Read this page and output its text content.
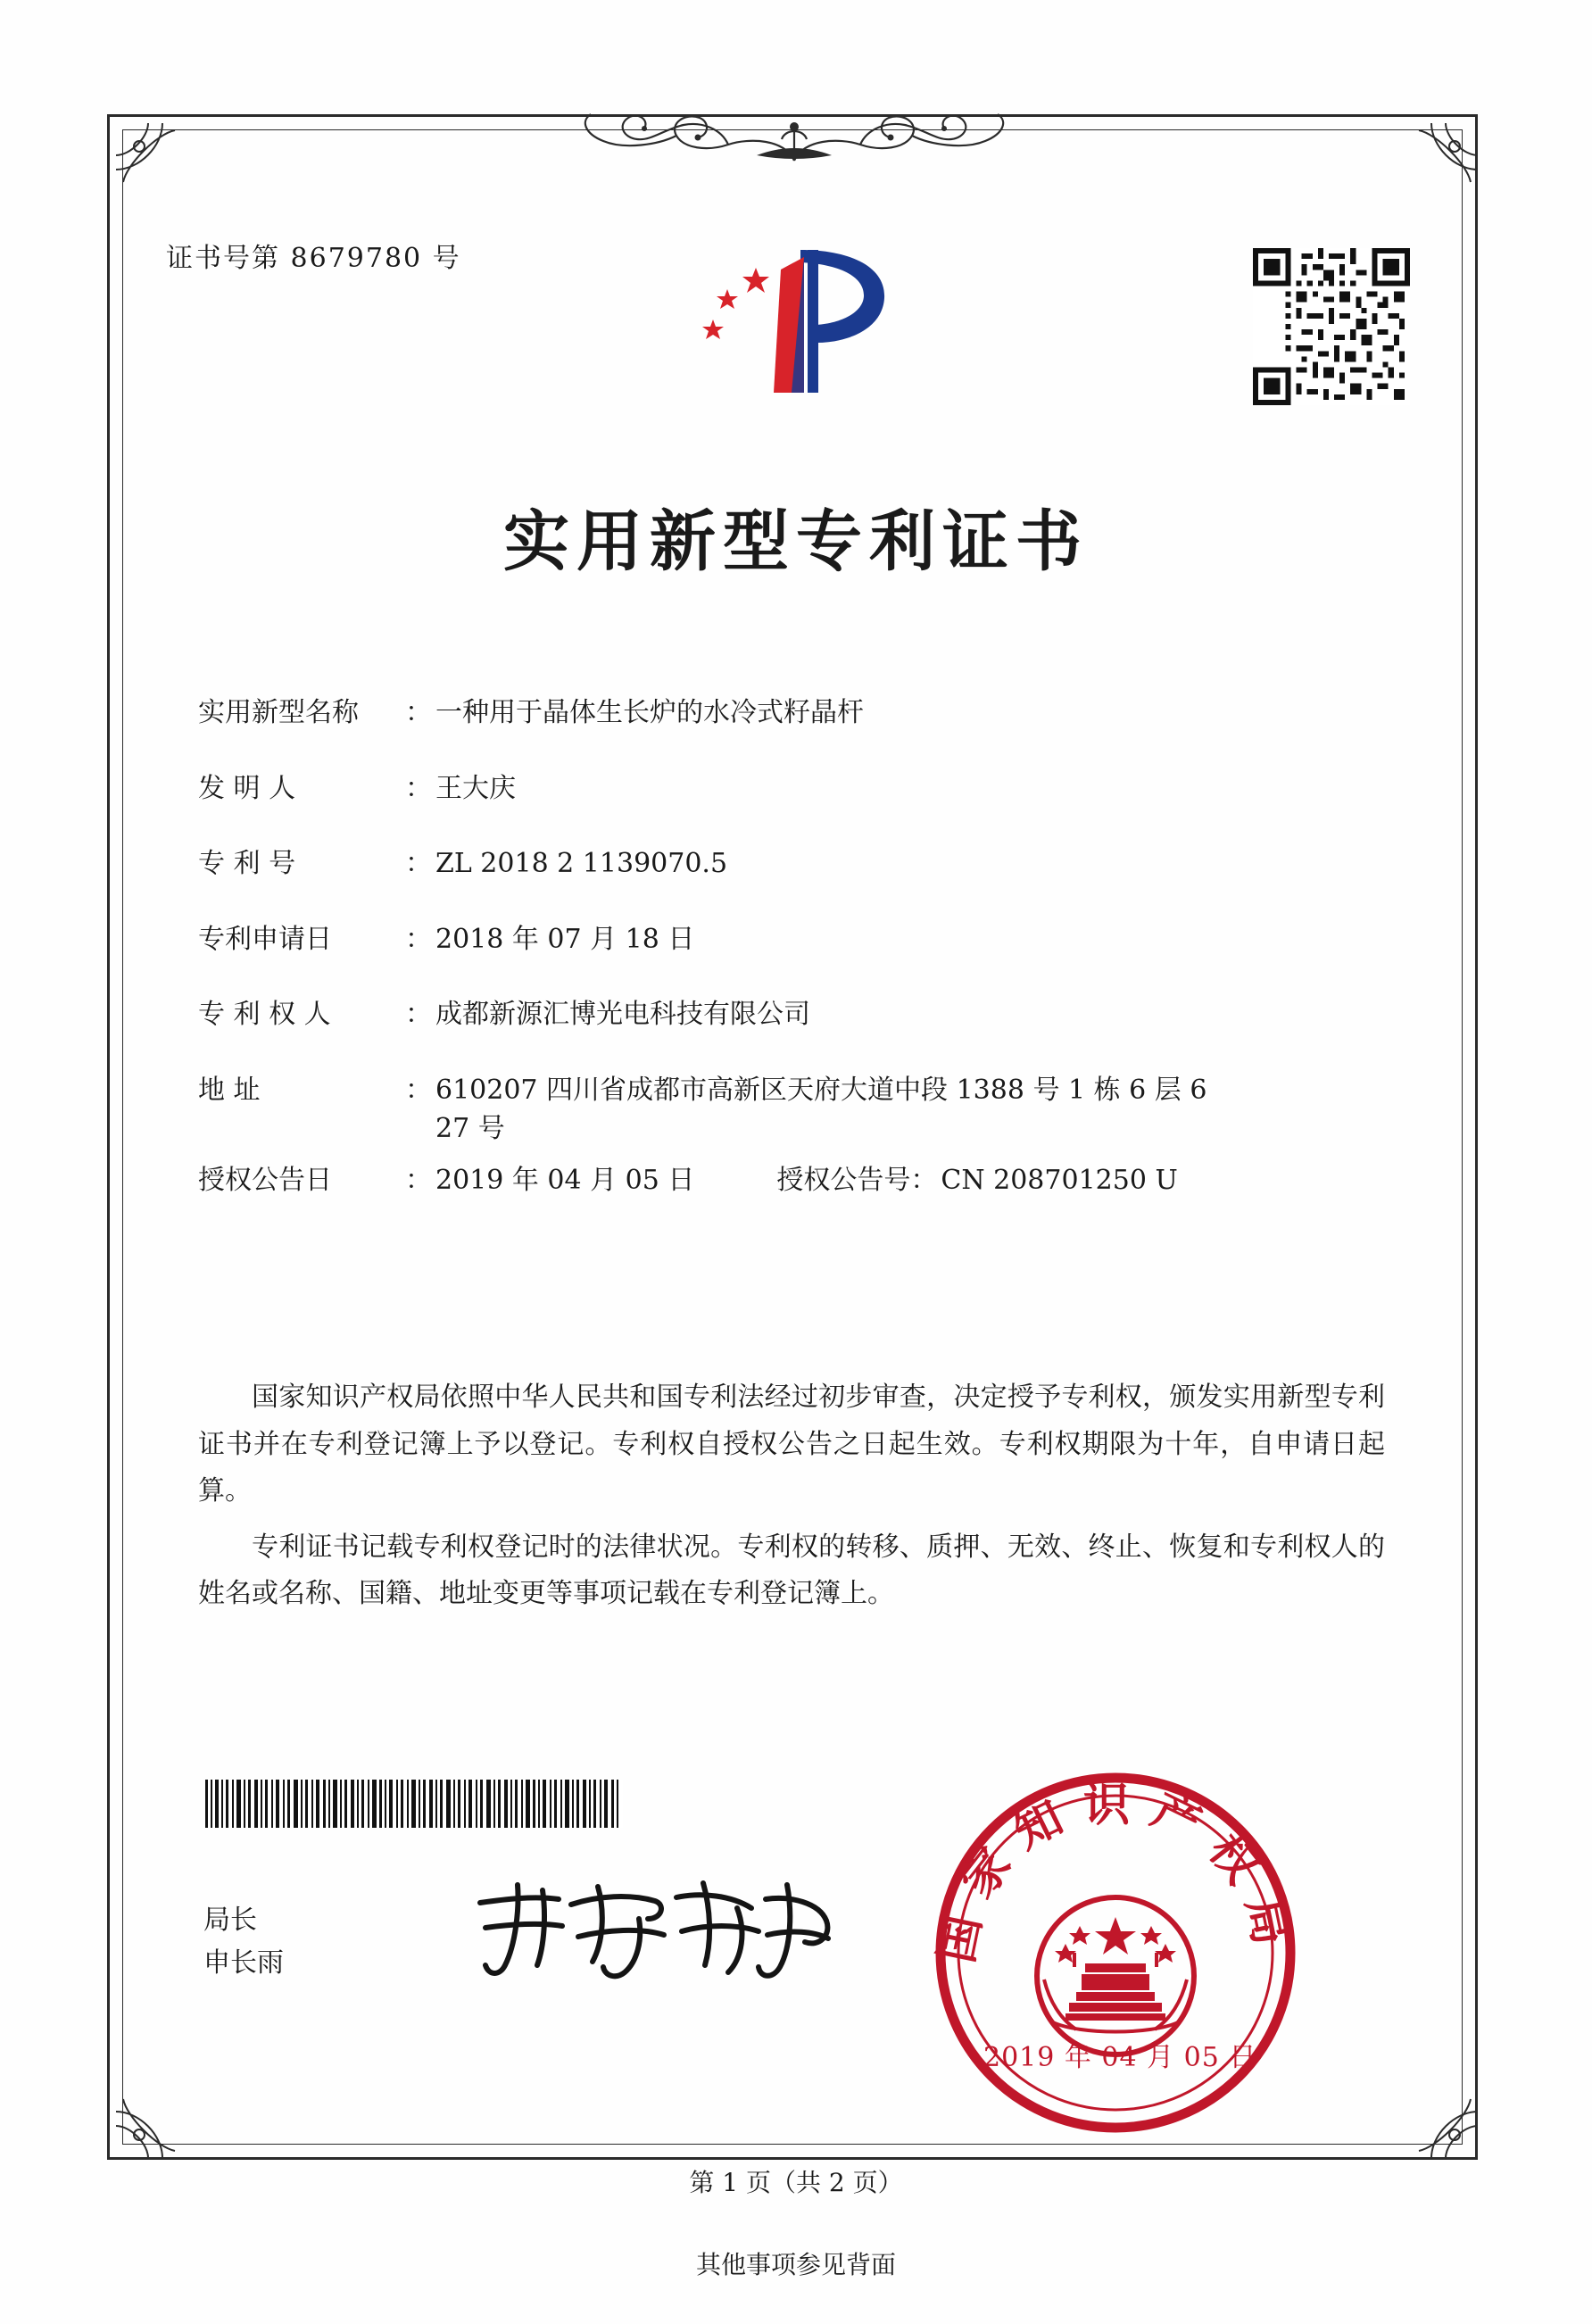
证书号第 8679780 号
实用新型专利证书
实用新型名称	： 一种用于晶体生长炉的水冷式籽晶杆
发 明 人	： 王大庆
专 利 号	： ZL 2018 2 1139070.5
专利申请日	： 2018 年 07 月 18 日
专 利 权 人	： 成都新源汇博光电科技有限公司
地 址	： 610207 四川省成都市高新区天府大道中段 1388 号 1 栋 6 层 6
27 号
授权公告日	： 2019 年 04 月 05 日	授权公告号 ： CN 208701250 U

国家知识产权局依照中华人民共和国专利法经过初步审查，决定授予专利权，颁发实用新型专利证书并在专利登记簿上予以登记。专利权自授权公告之日起生效。专利权期限为十年，自申请日起算。

专利证书记载专利权登记时的法律状况。专利权的转移、质押、无效、终止、恢复和专利权人的姓名或名称、国籍、地址变更等事项记载在专利登记簿上。

局长
申长雨	国家知识产权局
2019 年 04 月 05 日
第 1 页（共 2 页）
其他事项参见背面
